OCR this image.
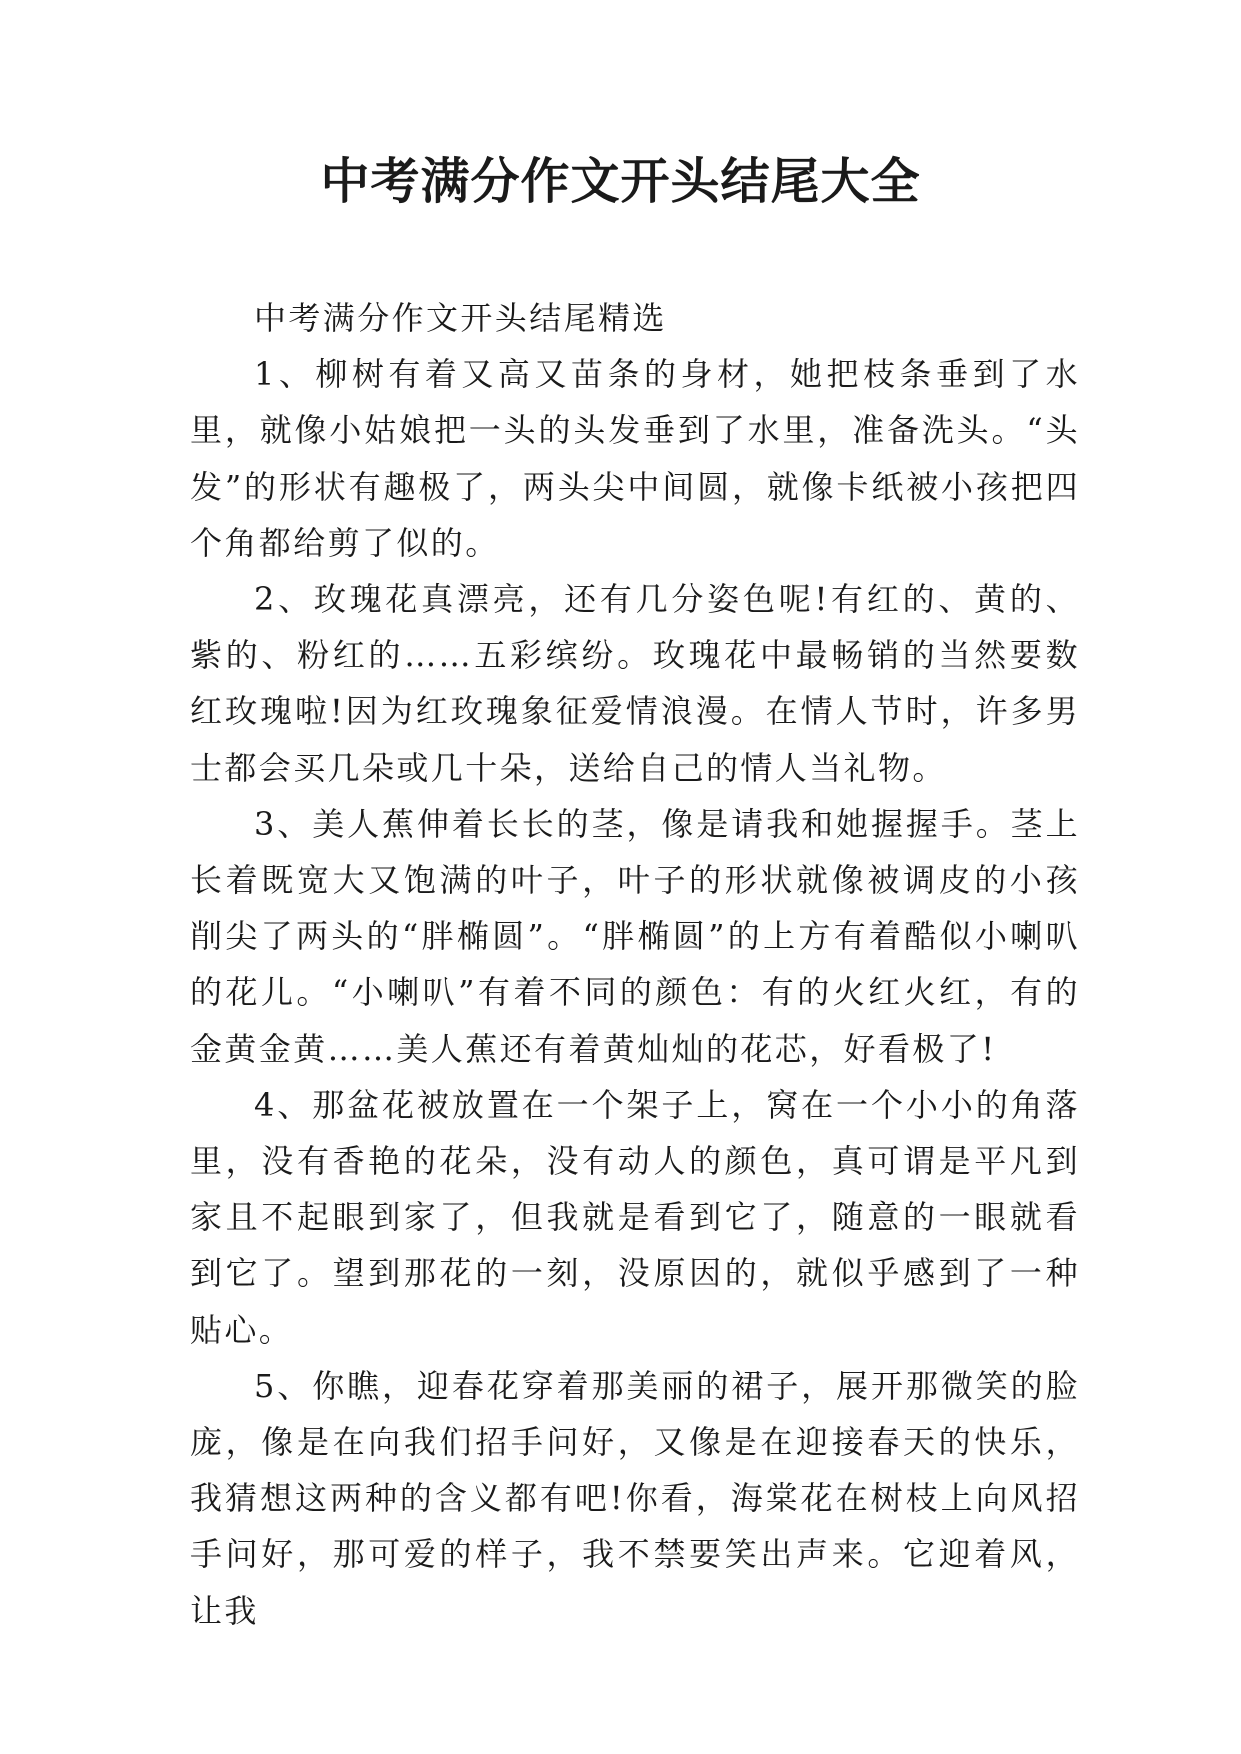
中考满分作文开头结尾大全

中考满分作文开头结尾精选

1、柳树有着又高又苗条的身材，她把枝条垂到了水里，就像小姑娘把一头的头发垂到了水里，准备洗头。“头发”的形状有趣极了，两头尖中间圆，就像卡纸被小孩把四个角都给剪了似的。

2、玫瑰花真漂亮，还有几分姿色呢!有红的、黄的、紫的、粉红的……五彩缤纷。玫瑰花中最畅销的当然要数红玫瑰啦!因为红玫瑰象征爱情浪漫。在情人节时，许多男士都会买几朵或几十朵，送给自己的情人当礼物。

3、美人蕉伸着长长的茎，像是请我和她握握手。茎上长着既宽大又饱满的叶子，叶子的形状就像被调皮的小孩削尖了两头的“胖椭圆”。“胖椭圆”的上方有着酷似小喇叭的花儿。“小喇叭”有着不同的颜色：有的火红火红，有的金黄金黄……美人蕉还有着黄灿灿的花芯，好看极了!

4、那盆花被放置在一个架子上，窝在一个小小的角落里，没有香艳的花朵，没有动人的颜色，真可谓是平凡到家且不起眼到家了，但我就是看到它了，随意的一眼就看到它了。望到那花的一刻，没原因的，就似乎感到了一种贴心。

5、你瞧，迎春花穿着那美丽的裙子，展开那微笑的脸庞，像是在向我们招手问好，又像是在迎接春天的快乐，我猜想这两种的含义都有吧!你看，海棠花在树枝上向风招手问好，那可爱的样子，我不禁要笑出声来。它迎着风，让我
